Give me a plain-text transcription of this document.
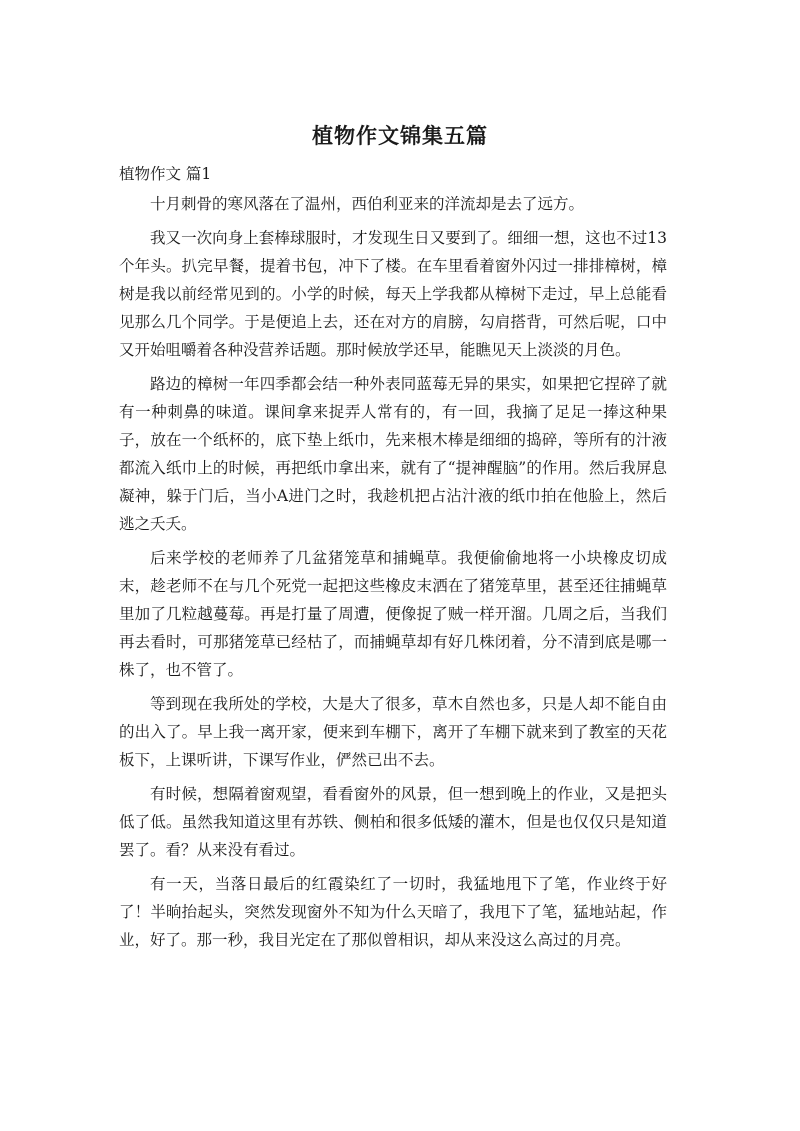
植物作文锦集五篇
植物作文 篇1

十月刺骨的寒风落在了温州，西伯利亚来的洋流却是去了远方。

我又一次向身上套棒球服时，才发现生日又要到了。细细一想，这也不过13个年头。扒完早餐，提着书包，冲下了楼。在车里看着窗外闪过一排排樟树，樟树是我以前经常见到的。小学的时候，每天上学我都从樟树下走过，早上总能看见那么几个同学。于是便追上去，还在对方的肩膀，勾肩搭背，可然后呢，口中又开始咀嚼着各种没营养话题。那时候放学还早，能瞧见天上淡淡的月色。

路边的樟树一年四季都会结一种外表同蓝莓无异的果实，如果把它捏碎了就有一种刺鼻的味道。课间拿来捉弄人常有的，有一回，我摘了足足一捧这种果子，放在一个纸杯的，底下垫上纸巾，先来根木棒是细细的捣碎，等所有的汁液都流入纸巾上的时候，再把纸巾拿出来，就有了“提神醒脑”的作用。然后我屏息凝神，躲于门后，当小A进门之时，我趁机把占沾汁液的纸巾拍在他脸上，然后逃之夭夭。

后来学校的老师养了几盆猪笼草和捕蝇草。我便偷偷地将一小块橡皮切成末，趁老师不在与几个死党一起把这些橡皮末洒在了猪笼草里，甚至还往捕蝇草里加了几粒越蔓莓。再是打量了周遭，便像捉了贼一样开溜。几周之后，当我们再去看时，可那猪笼草已经枯了，而捕蝇草却有好几株闭着，分不清到底是哪一株了，也不管了。

等到现在我所处的学校，大是大了很多，草木自然也多，只是人却不能自由的出入了。早上我一离开家，便来到车棚下，离开了车棚下就来到了教室的天花板下，上课听讲，下课写作业，俨然已出不去。

有时候，想隔着窗观望，看看窗外的风景，但一想到晚上的作业，又是把头低了低。虽然我知道这里有苏铁、侧柏和很多低矮的灌木，但是也仅仅只是知道罢了。看？从来没有看过。

有一天，当落日最后的红霞染红了一切时，我猛地甩下了笔，作业终于好了！半晌抬起头，突然发现窗外不知为什么天暗了，我甩下了笔，猛地站起，作业，好了。那一秒，我目光定在了那似曾相识，却从来没这么高过的月亮。
